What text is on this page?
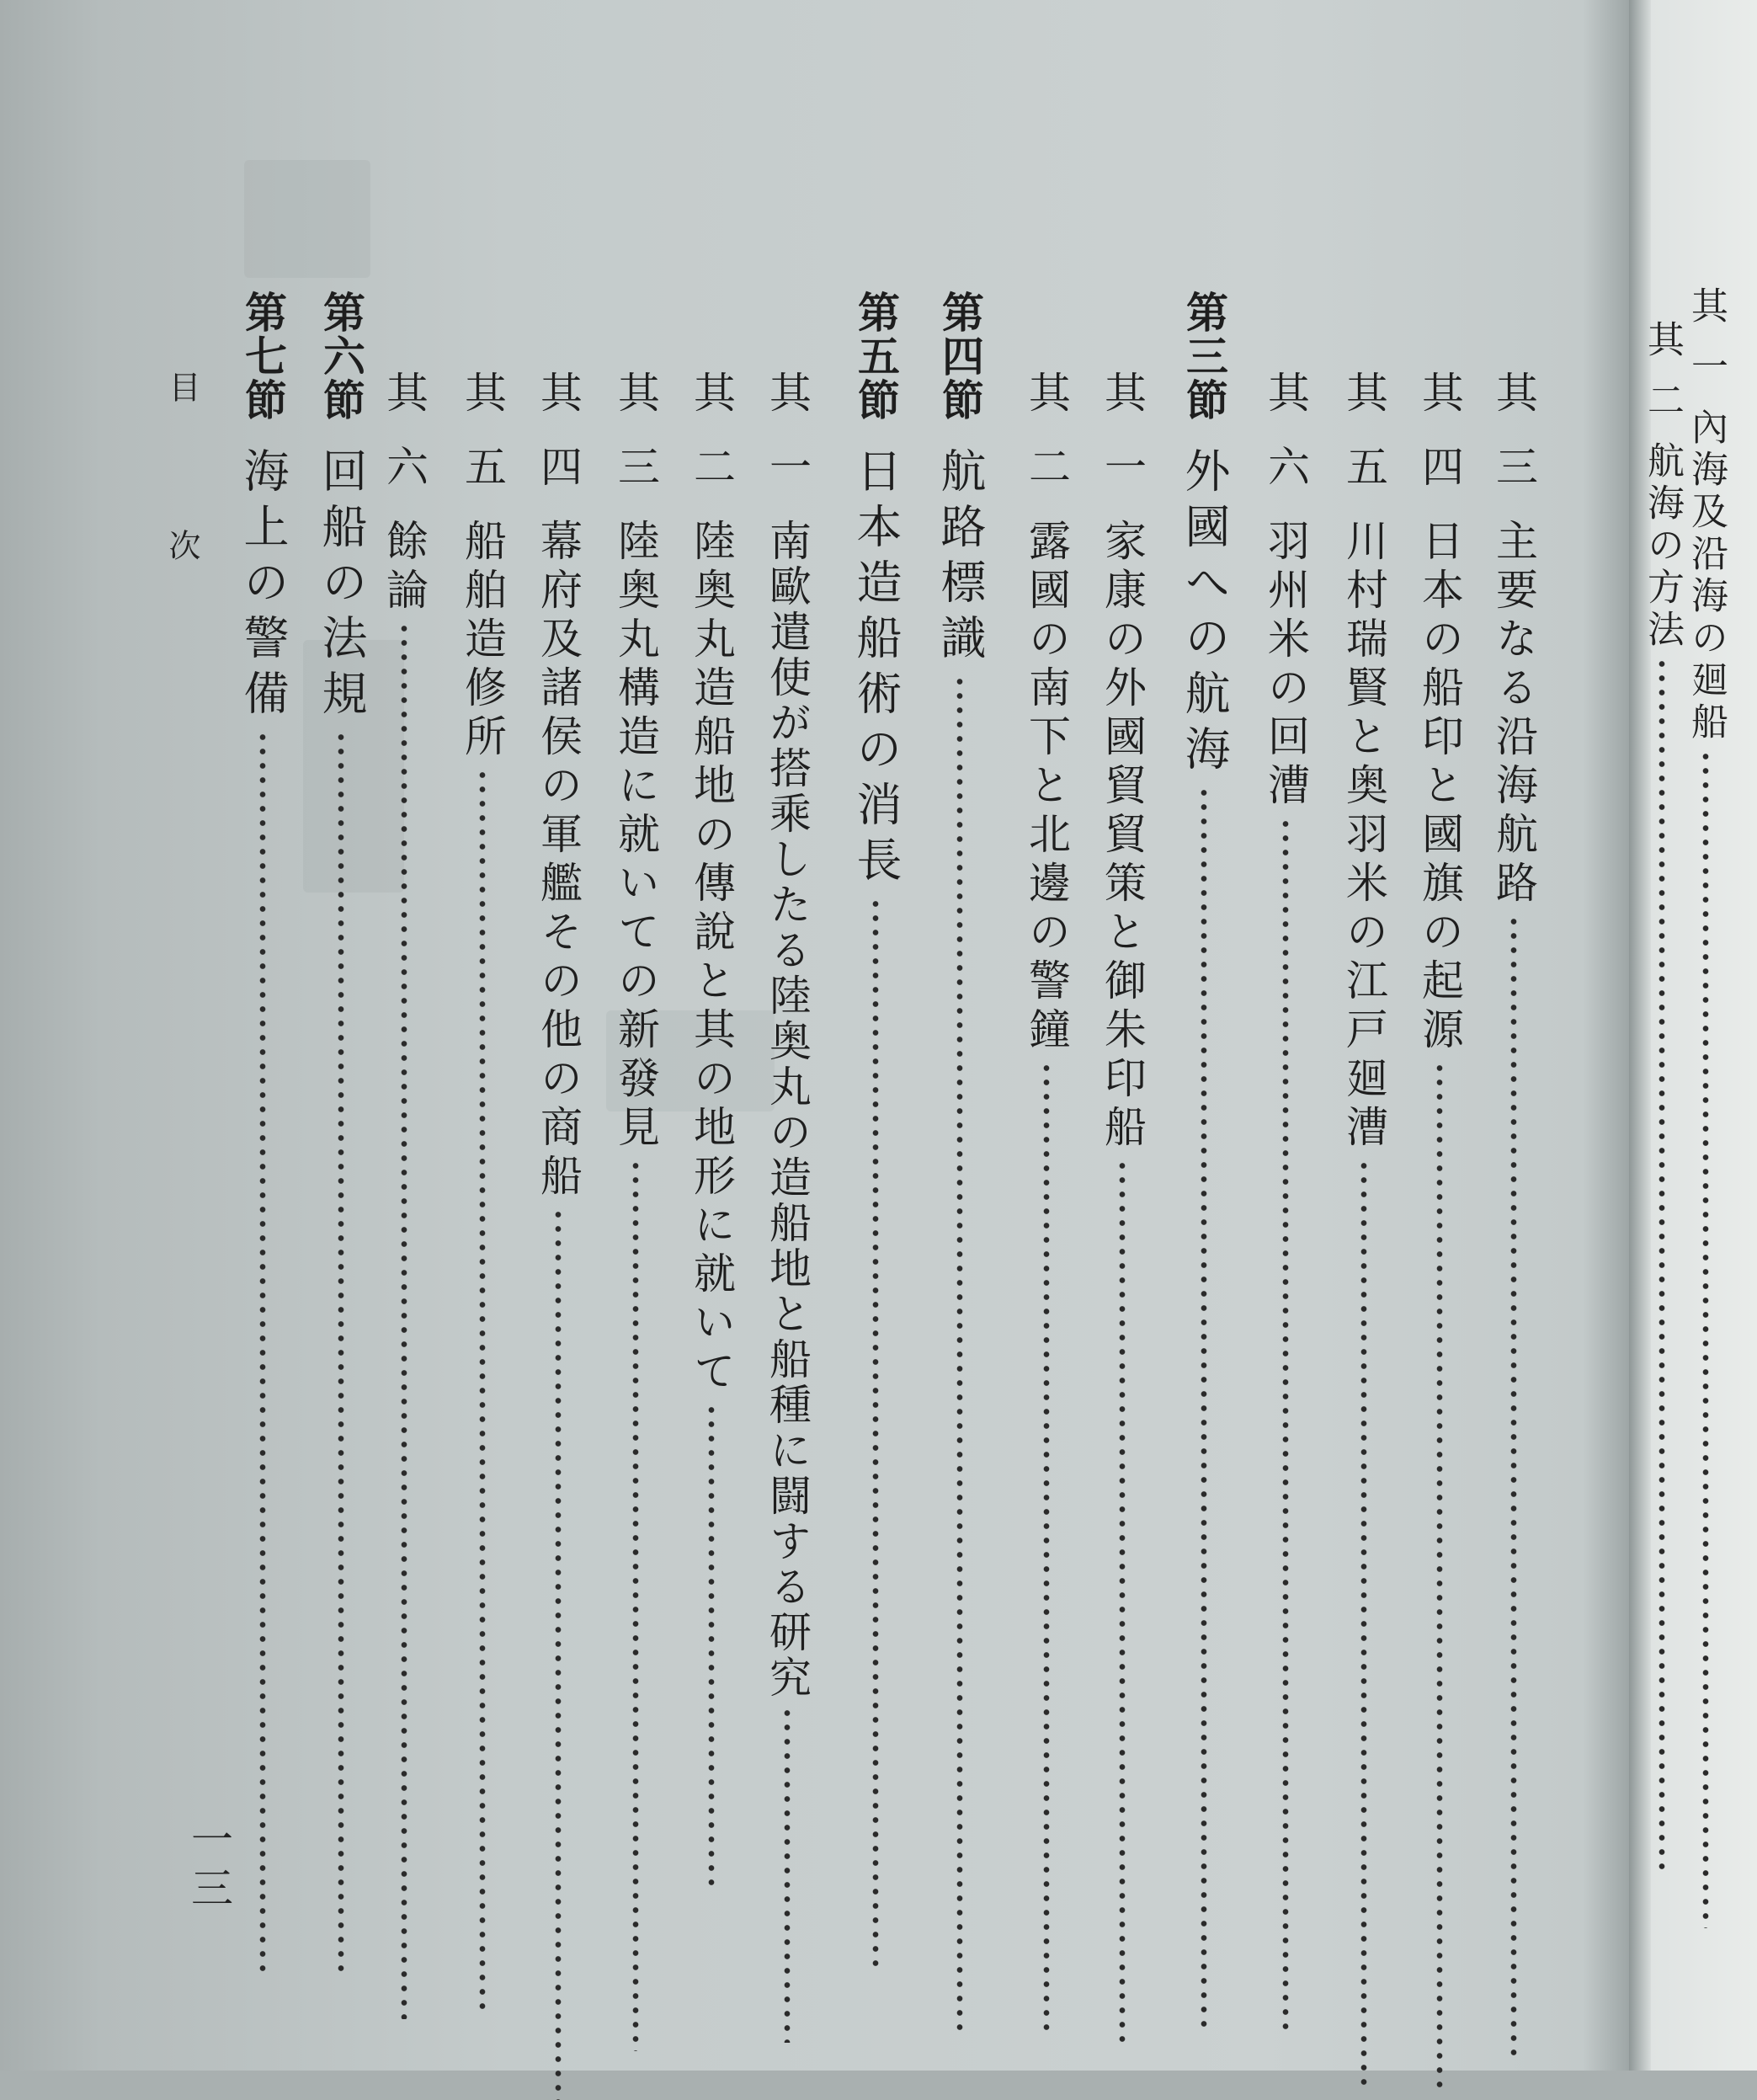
目次
一三
其三主要なる沿海航路
其四日本の船印と國旗の起源
其五川村瑞賢と奥羽米の江戸廻漕
其六羽州米の回漕
第三節外國への航海
其一家康の外國貿貿策と御朱印船
其二露國の南下と北邊の警鐘
第四節航路標識
第五節日本造船術の消長
其一南歐遣使が搭乘したる陸奥丸の造船地と船種に闘する研究
其二陸奥丸造船地の傳說と其の地形に就いて
其三陸奥丸構造に就いての新發見
其四幕府及諸侯の軍艦その他の商船
其五船舶造修所
其六餘論
第六節回船の法規
第七節海上の警備
其一內海及沿海の廻船
其二航海の方法
